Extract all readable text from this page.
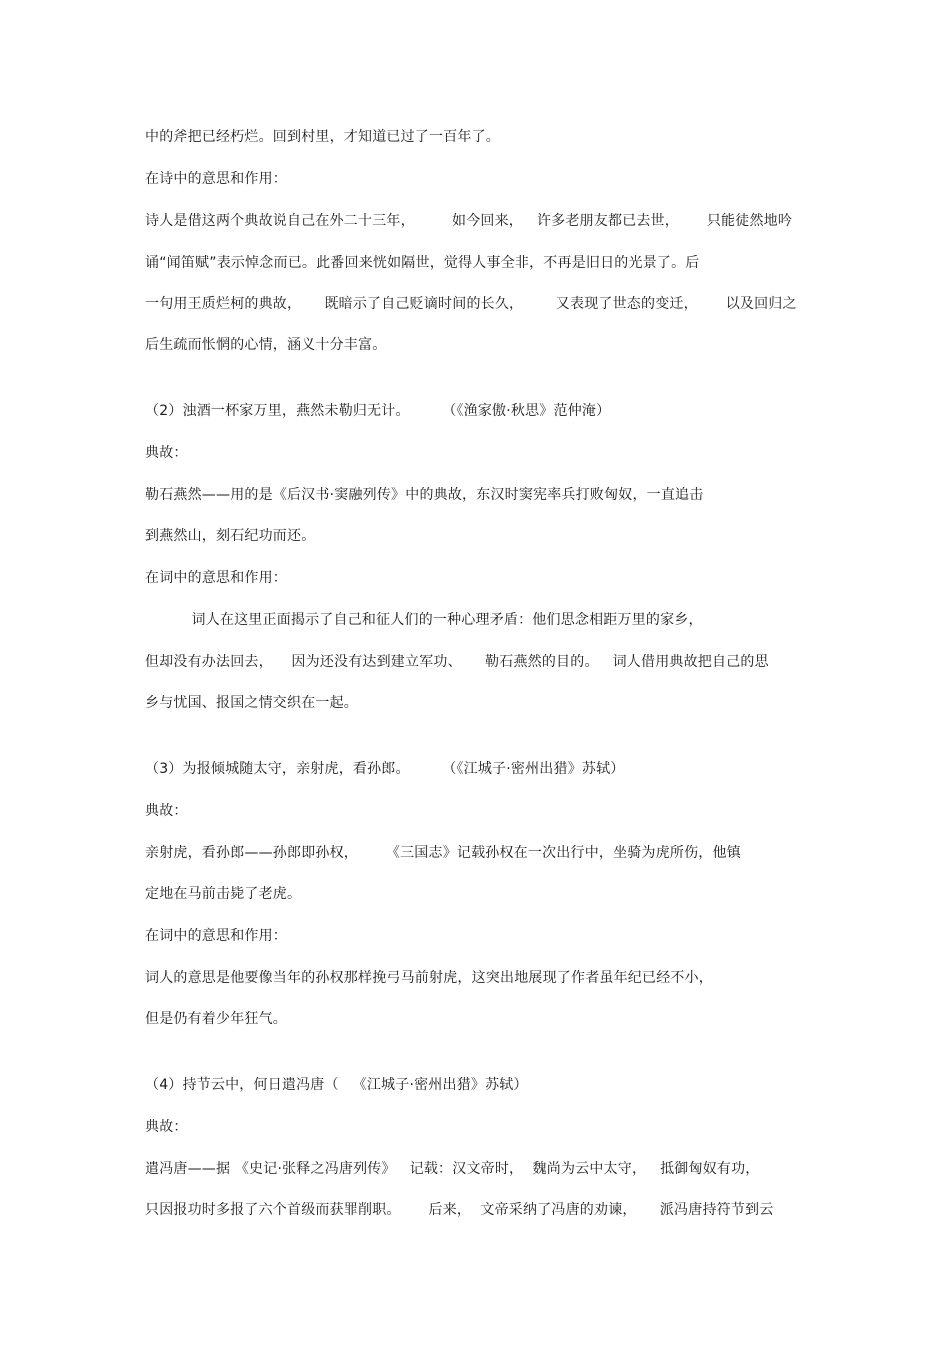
中的斧把已经朽烂。回到村里，才知道已过了一百年了。
在诗中的意思和作用：
诗人是借这两个典故说自己在外二十三年，        如今回来，   许多老朋友都已去世，      只能徒然地吟
诵“闻笛赋”表示悼念而已。此番回来恍如隔世，觉得人事全非，不再是旧日的光景了。后
一句用王质烂柯的典故，     既暗示了自己贬谪时间的长久，       又表现了世态的变迁，      以及回归之
后生疏而怅惘的心情，涵义十分丰富。
（2）浊酒一杯家万里，燕然未勒归无计。       （《渔家傲·秋思》范仲淹）
典故：
勒石燕然——用的是《后汉书·窦融列传》中的典故，东汉时窦宪率兵打败匈奴，一直追击
到燕然山，刻石纪功而还。
在词中的意思和作用：
词人在这里正面揭示了自己和征人们的一种心理矛盾：他们思念相距万里的家乡，
但却没有办法回去，    因为还没有达到建立军功、     勒石燕然的目的。   词人借用典故把自己的思
乡与忧国、报国之情交织在一起。
（3）为报倾城随太守，亲射虎，看孙郎。       （《江城子·密州出猎》苏轼）
典故：
亲射虎，看孙郎——孙郎即孙权，      《三国志》记载孙权在一次出行中，坐骑为虎所伤，他镇
定地在马前击毙了老虎。
在词中的意思和作用：
词人的意思是他要像当年的孙权那样挽弓马前射虎，这突出地展现了作者虽年纪已经不小，
但是仍有着少年狂气。
（4）持节云中，何日遣冯唐（   《江城子·密州出猎》苏轼）
典故：
遣冯唐——据 《史记·张释之冯唐列传》   记载：汉文帝时，  魏尚为云中太守，   抵御匈奴有功，
只因报功时多报了六个首级而获罪削职。      后来，  文帝采纳了冯唐的劝谏，     派冯唐持符节到云
